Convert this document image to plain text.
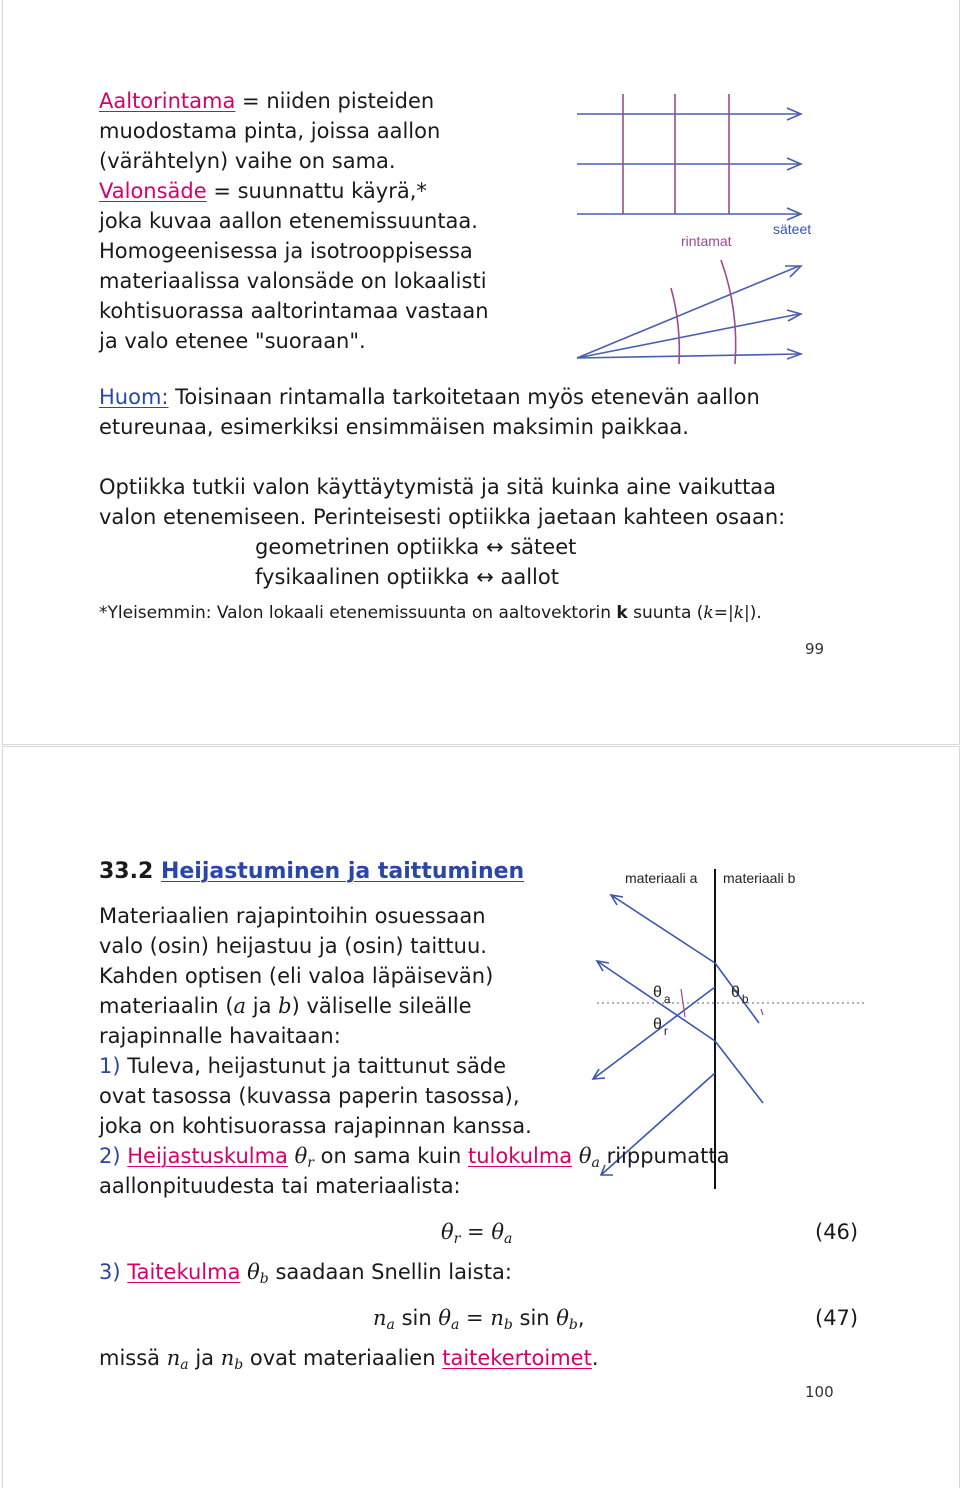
Aaltorintama = niiden pisteiden
muodostama pinta, joissa aallon
(värähtelyn) vaihe on sama.
Valonsäde = suunnattu käyrä,*
joka kuvaa aallon etenemissuuntaa.
Homogeenisessa ja isotrooppisessa
materiaalissa valonsäde on lokaalisti
kohtisuorassa aaltorintamaa vastaan
ja valo etenee "suoraan".
rintamat
säteet
Huom: Toisinaan rintamalla tarkoitetaan myös etenevän aallon
etureunaa, esimerkiksi ensimmäisen maksimin paikkaa.
Optiikka tutkii valon käyttäytymistä ja sitä kuinka aine vaikuttaa
valon etenemiseen. Perinteisesti optiikka jaetaan kahteen osaan:
geometrinen optiikka ↔ säteet
fysikaalinen optiikka ↔ aallot
*Yleisemmin: Valon lokaali etenemissuunta on aaltovektorin k suunta (k=|k|).
99
33.2 Heijastuminen ja taittuminen	materiaali a materiaali b
θ $_a$
θ $_r$
θ $_b$
Materiaalien rajapintoihin osuessaan
valo (osin) heijastuu ja (osin) taittuu.
Kahden optisen (eli valoa läpäisevän)
materiaalin (a ja b) väliselle sileälle
rajapinnalle havaitaan:
1) Tuleva, heijastunut ja taittunut säde
ovat tasossa (kuvassa paperin tasossa),
joka on kohtisuorassa rajapinnan kanssa.
2) Heijastuskulma $\theta_r$ on sama kuin tulokulma $\theta_a$ riippumatta
aallonpituudesta tai materiaalista:
$\theta_r = \theta_a$	(46)
3) Taitekulma $\theta_b$ saadaan Snellin laista:
$n_a$ $\sin \theta_a = n_b$ $\sin \theta_b$,	(47)
missä $n_a$ ja $n_b$ ovat materiaalien taitekertoimet.
100
